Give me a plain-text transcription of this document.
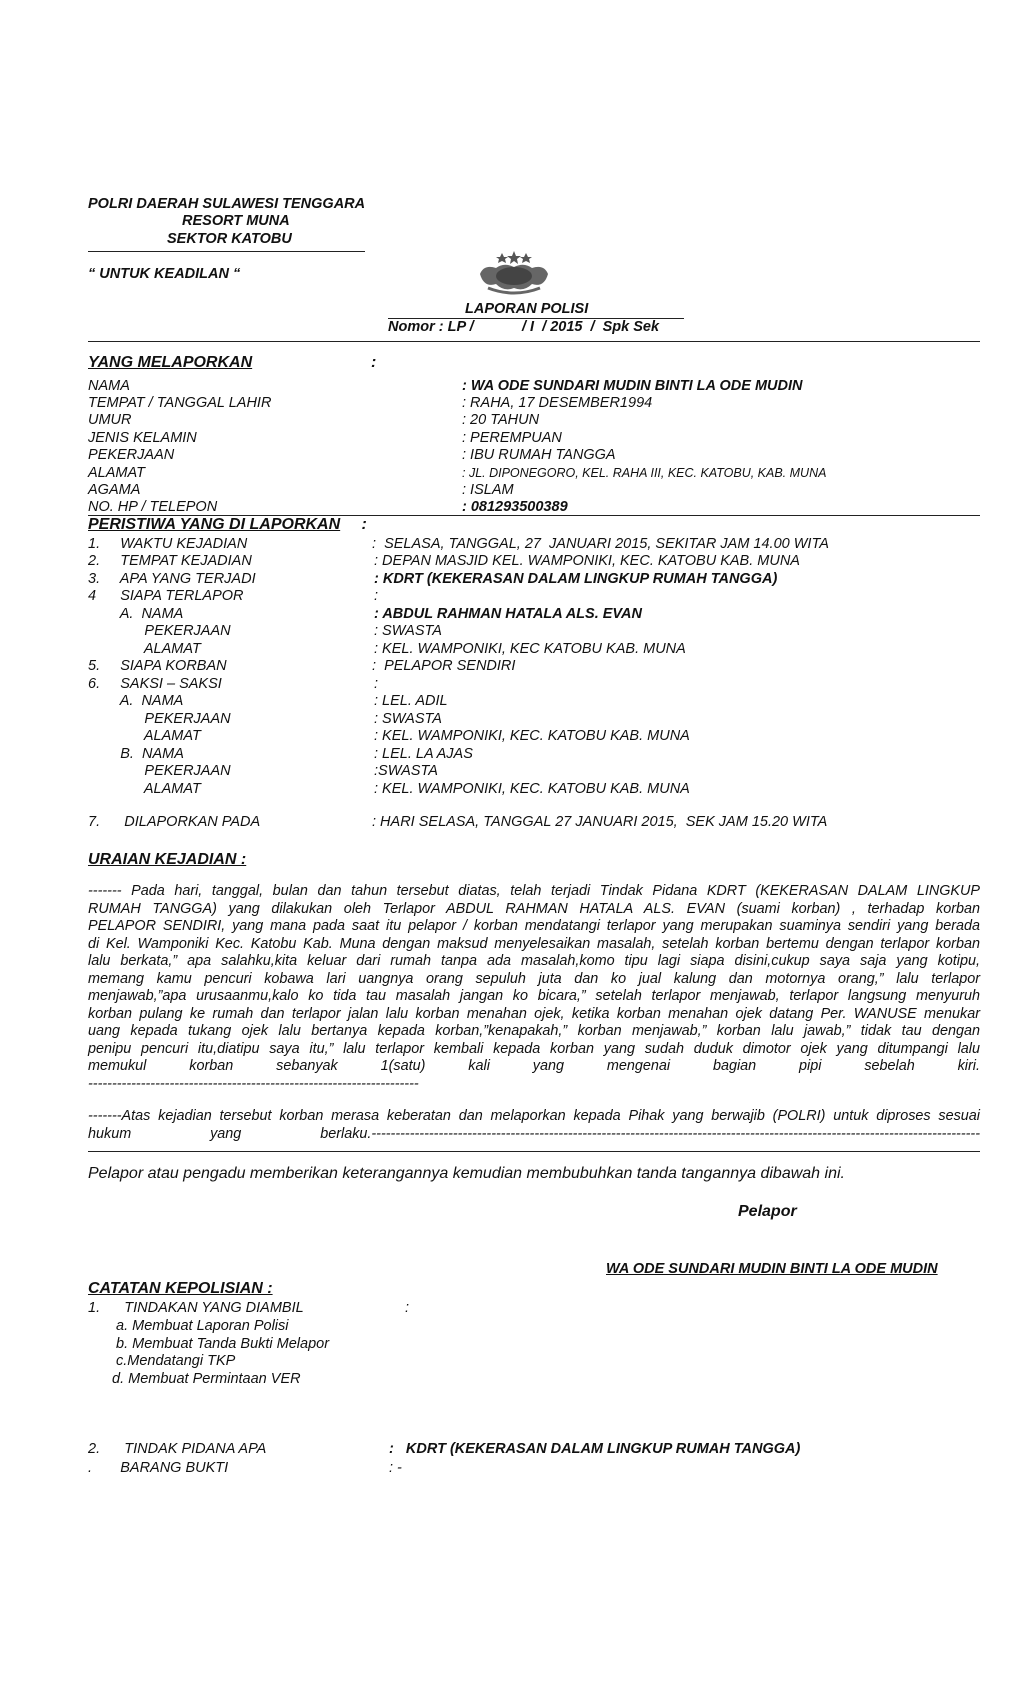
POLRI DAERAH SULAWESI TENGGARA
RESORT MUNA
SEKTOR KATOBU
“ UNTUK KEADILAN “
LAPORAN POLISI
Nomor : LP /            / I  / 2015  /  Spk Sek
YANG MELAPORKAN	:
NAMA	: WA ODE SUNDARI MUDIN BINTI LA ODE MUDIN
TEMPAT / TANGGAL LAHIR	: RAHA, 17 DESEMBER1994
UMUR	: 20 TAHUN
JENIS KELAMIN	: PEREMPUAN
PEKERJAAN	: IBU RUMAH TANGGA
ALAMAT	: JL. DIPONEGORO, KEL. RAHA III, KEC. KATOBU, KAB. MUNA
AGAMA	: ISLAM
NO. HP / TELEPON	: 081293500389
PERISTIWA YANG DI LAPORKAN :
1.     WAKTU KEJADIAN	:  SELASA, TANGGAL, 27  JANUARI 2015, SEKITAR JAM 14.00 WITA
2.     TEMPAT KEJADIAN	: DEPAN MASJID KEL. WAMPONIKI, KEC. KATOBU KAB. MUNA
3.     APA YANG TERJADI	: KDRT (KEKERASAN DALAM LINGKUP RUMAH TANGGA)
4      SIAPA TERLAPOR	:
A.  NAMA	: ABDUL RAHMAN HATALA ALS. EVAN
PEKERJAAN	: SWASTA
ALAMAT	: KEL. WAMPONIKI, KEC KATOBU KAB. MUNA
5.     SIAPA KORBAN	:  PELAPOR SENDIRI
6.     SAKSI – SAKSI	:
A.  NAMA	: LEL. ADIL
PEKERJAAN	: SWASTA
ALAMAT	: KEL. WAMPONIKI, KEC. KATOBU KAB. MUNA
B.  NAMA	: LEL. LA AJAS
PEKERJAAN	:SWASTA
ALAMAT	: KEL. WAMPONIKI, KEC. KATOBU KAB. MUNA
7.      DILAPORKAN PADA	: HARI SELASA, TANGGAL 27 JANUARI 2015,  SEK JAM 15.20 WITA
URAIAN KEJADIAN :
------- Pada hari, tanggal, bulan dan tahun tersebut diatas, telah terjadi Tindak Pidana KDRT (KEKERASAN DALAM LINGKUP
RUMAH TANGGA) yang dilakukan oleh Terlapor ABDUL RAHMAN HATALA ALS. EVAN (suami korban) , terhadap korban
PELAPOR SENDIRI, yang mana pada saat itu pelapor / korban mendatangi terlapor yang merupakan suaminya sendiri yang berada
di Kel. Wamponiki Kec. Katobu Kab. Muna dengan maksud menyelesaikan masalah, setelah korban bertemu dengan terlapor korban
lalu berkata,” apa salahku,kita keluar dari rumah tanpa ada masalah,komo tipu lagi siapa disini,cukup saya saja yang kotipu,
memang kamu pencuri kobawa lari uangnya orang sepuluh juta dan ko jual kalung dan motornya orang,” lalu terlapor
menjawab,”apa urusaanmu,kalo ko tida tau masalah jangan ko bicara,” setelah terlapor menjawab, terlapor langsung menyuruh
korban pulang ke rumah dan terlapor jalan lalu korban menahan ojek, ketika korban menahan ojek datang Per. WANUSE menukar
uang kepada tukang ojek lalu bertanya kepada korban,”kenapakah,” korban menjawab,” korban lalu jawab,” tidak tau dengan
penipu pencuri itu,diatipu saya itu,” lalu terlapor kembali kepada korban yang sudah duduk dimotor ojek yang ditumpangi lalu
memukul korban sebanyak 1(satu) kali yang mengenai bagian pipi sebelah kiri.
---------------------------------------------------------------------
-------Atas kejadian tersebut korban merasa keberatan dan melaporkan kepada Pihak yang berwajib (POLRI) untuk diproses sesuai
hukum yang berlaku.-------------------------------------------------------------------------------------------------------------------------------
Pelapor atau pengadu memberikan keterangannya kemudian membubuhkan tanda tangannya dibawah ini.
Pelapor
WA ODE SUNDARI MUDIN BINTI LA ODE MUDIN
CATATAN KEPOLISIAN :
1.      TINDAKAN YANG DIAMBIL	:
a. Membuat Laporan Polisi
b. Membuat Tanda Bukti Melapor
c.Mendatangi TKP
d. Membuat Permintaan VER
2.      TINDAK PIDANA APA	:   KDRT (KEKERASAN DALAM LINGKUP RUMAH TANGGA)
.       BARANG BUKTI	: -
